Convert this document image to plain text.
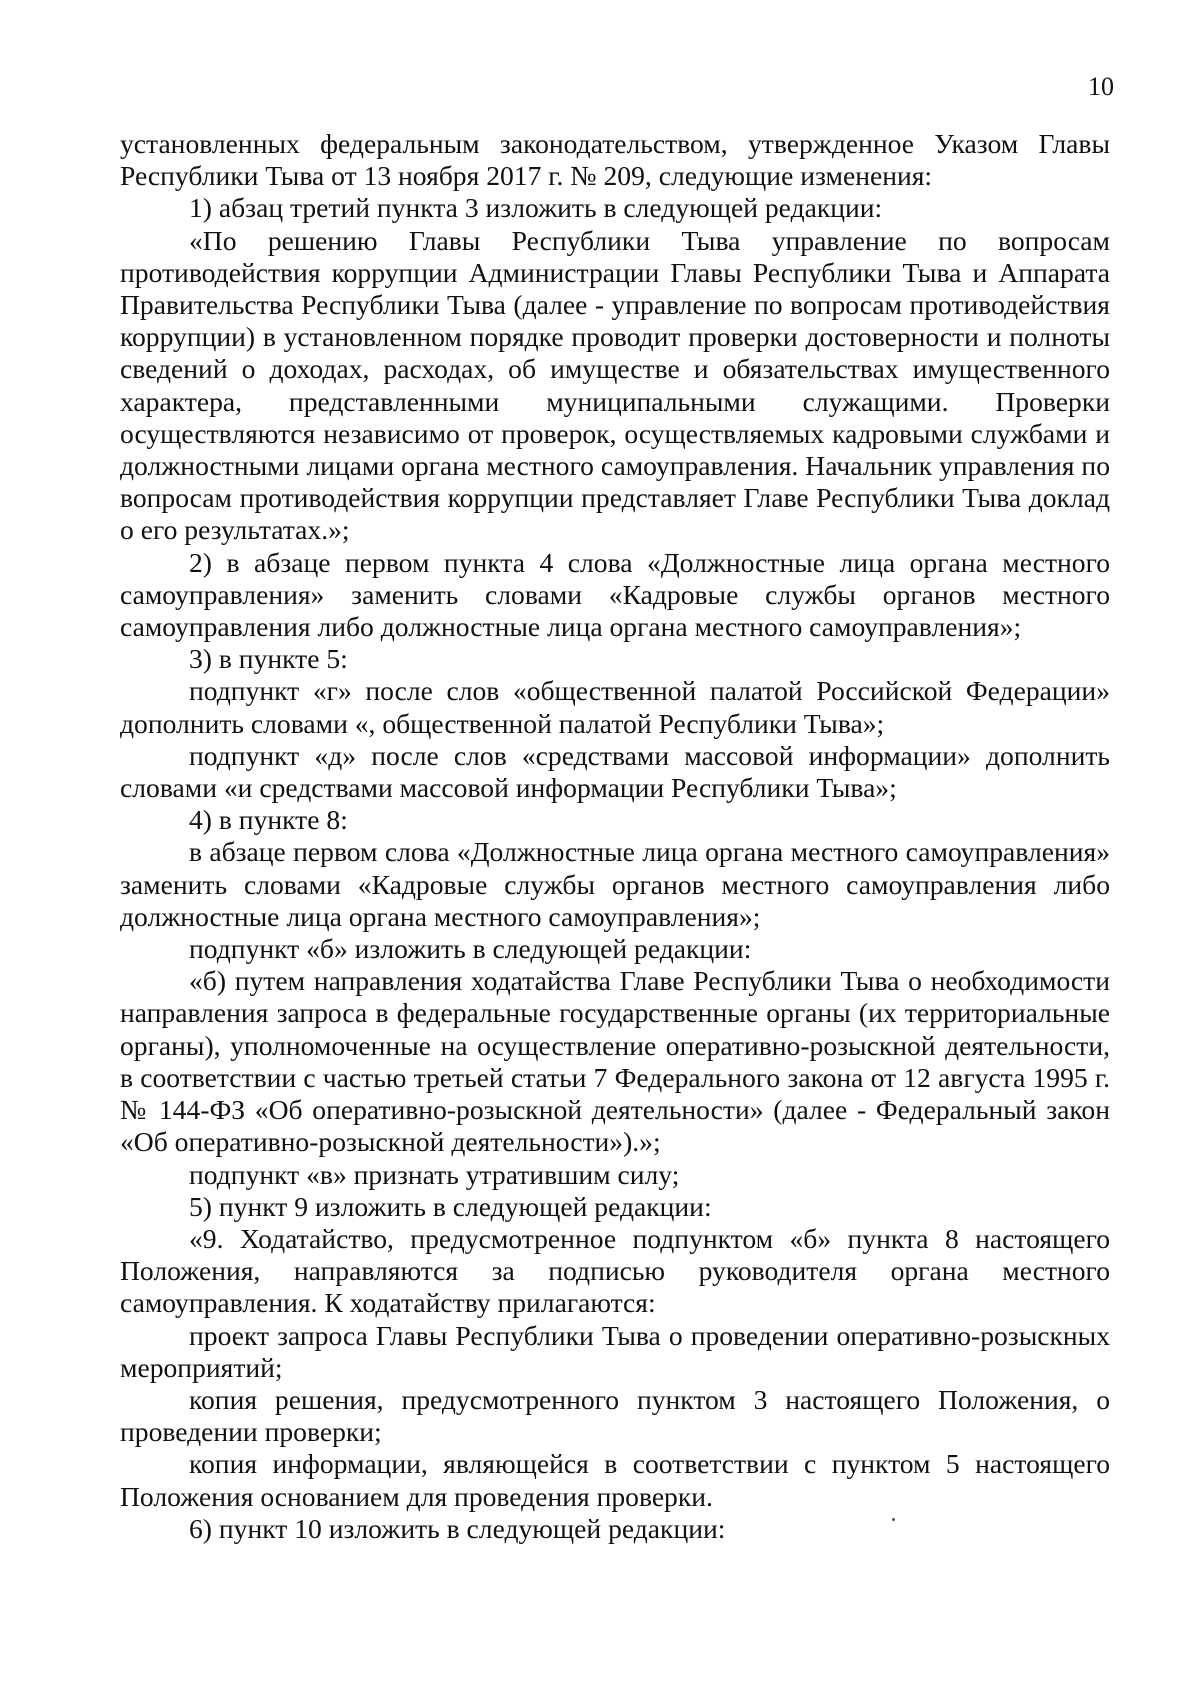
10

установленных федеральным законодательством, утвержденное Указом Главы Республики Тыва от 13 ноября 2017 г. № 209, следующие изменения:

1) абзац третий пункта 3 изложить в следующей редакции:

«По решению Главы Республики Тыва управление по вопросам противодействия коррупции Администрации Главы Республики Тыва и Аппарата Правительства Республики Тыва (далее - управление по вопросам противодействия коррупции) в установленном порядке проводит проверки достоверности и полноты сведений о доходах, расходах, об имуществе и обязательствах имущественного характера, представленными муниципальными служащими. Проверки осуществляются независимо от проверок, осуществляемых кадровыми службами и должностными лицами органа местного самоуправления. Начальник управления по вопросам противодействия коррупции представляет Главе Республики Тыва доклад о его результатах.»;

2) в абзаце первом пункта 4 слова «Должностные лица органа местного самоуправления» заменить словами «Кадровые службы органов местного самоуправления либо должностные лица органа местного самоуправления»;

3) в пункте 5:

подпункт «г» после слов «общественной палатой Российской Федерации» дополнить словами «, общественной палатой Республики Тыва»;

подпункт «д» после слов «средствами массовой информации» дополнить словами «и средствами массовой информации Республики Тыва»;

4) в пункте 8:

в абзаце первом слова «Должностные лица органа местного самоуправления» заменить словами «Кадровые службы органов местного самоуправления либо должностные лица органа местного самоуправления»;

подпункт «б» изложить в следующей редакции:

«б) путем направления ходатайства Главе Республики Тыва о необходимости направления запроса в федеральные государственные органы (их территориальные органы), уполномоченные на осуществление оперативно-розыскной деятельности, в соответствии с частью третьей статьи 7 Федерального закона от 12 августа 1995 г. № 144-ФЗ «Об оперативно-розыскной деятельности» (далее - Федеральный закон «Об оперативно-розыскной деятельности»).»;

подпункт «в» признать утратившим силу;

5) пункт 9 изложить в следующей редакции:

«9. Ходатайство, предусмотренное подпунктом «б» пункта 8 настоящего Положения, направляются за подписью руководителя органа местного самоуправления. К ходатайству прилагаются:

проект запроса Главы Республики Тыва о проведении оперативно-розыскных мероприятий;

копия решения, предусмотренного пунктом 3 настоящего Положения, о проведении проверки;

копия информации, являющейся в соответствии с пунктом 5 настоящего Положения основанием для проведения проверки.

6) пункт 10 изложить в следующей редакции:
